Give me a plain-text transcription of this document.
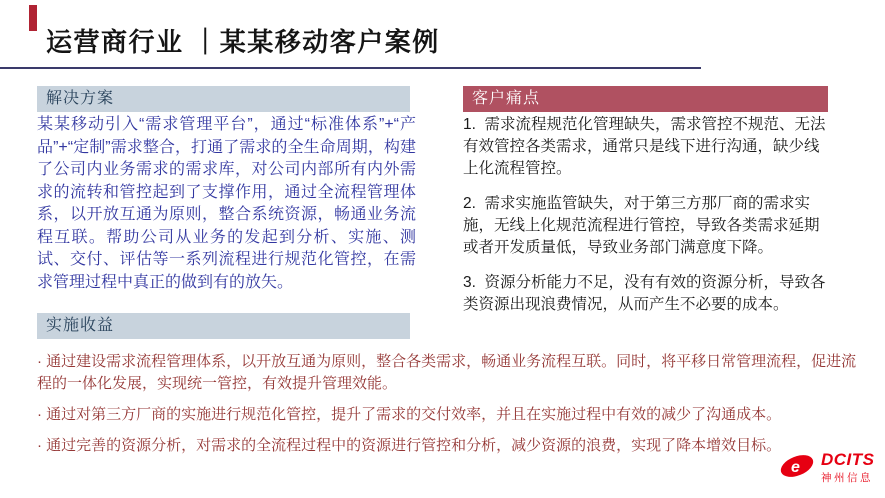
运营商行业 ｜某某移动客户案例
解决方案

某某移动引入“需求管理平台”，通过“标准体系”+“产品”+“定制”需求整合，打通了需求的全生命周期，构建了公司内业务需求的需求库，对公司内部所有内外需求的流转和管控起到了支撑作用，通过全流程管理体系，以开放互通为原则，整合系统资源，畅通业务流程互联。帮助公司从业务的发起到分析、实施、测试、交付、评估等一系列流程进行规范化管控，在需求管理过程中真正的做到有的放矢。

客户痛点

1.  需求流程规范化管理缺失，需求管控不规范、无法有效管控各类需求，通常只是线下进行沟通，缺少线上化流程管控。

2.  需求实施监管缺失，对于第三方那厂商的需求实施，无线上化规范流程进行管控，导致各类需求延期或者开发质量低，导致业务部门满意度下降。

3.  资源分析能力不足，没有有效的资源分析，导致各类资源出现浪费情况，从而产生不必要的成本。

实施收益

· 通过建设需求流程管理体系，以开放互通为原则，整合各类需求，畅通业务流程互联。同时，将平移日常管理流程，促进流程的一体化发展，实现统一管控，有效提升管理效能。

· 通过对第三方厂商的实施进行规范化管控，提升了需求的交付效率，并且在实施过程中有效的减少了沟通成本。

· 通过完善的资源分析，对需求的全流程过程中的资源进行管控和分析，减少资源的浪费，实现了降本增效目标。

e DCITS
神州信息
